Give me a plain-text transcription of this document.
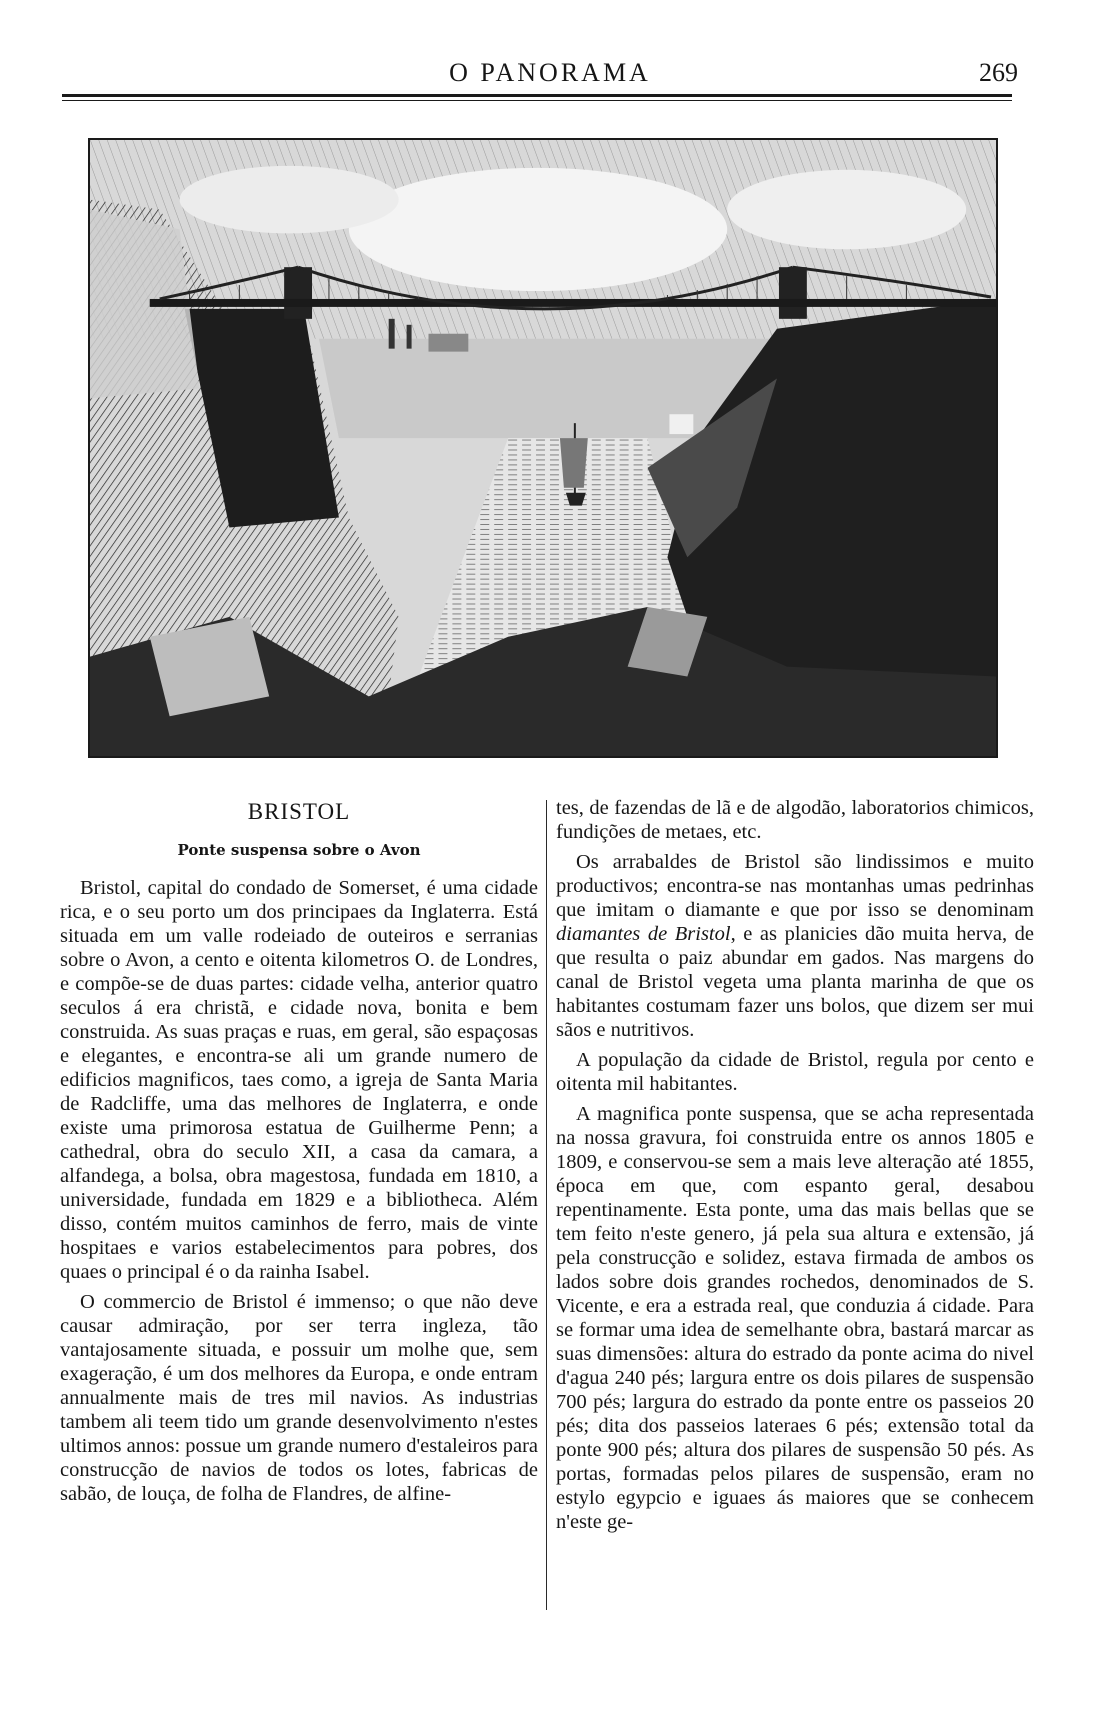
O PANORAMA	269
BRISTOL
Ponte suspensa sobre o Avon

Bristol, capital do condado de Somerset, é uma cidade rica, e o seu porto um dos principaes da Inglaterra. Está situada em um valle rodeiado de outeiros e serranias sobre o Avon, a cento e oitenta kilometros O. de Londres, e compõe-se de duas partes: cidade velha, anterior quatro seculos á era christã, e cidade nova, bonita e bem construida. As suas praças e ruas, em geral, são espaçosas e elegantes, e encontra-se ali um grande numero de edificios magnificos, taes como, a igreja de Santa Maria de Radcliffe, uma das melhores de Inglaterra, e onde existe uma primorosa estatua de Guilherme Penn; a cathedral, obra do seculo XII, a casa da camara, a alfandega, a bolsa, obra magestosa, fundada em 1810, a universidade, fundada em 1829 e a bibliotheca. Além disso, contém muitos caminhos de ferro, mais de vinte hospitaes e varios estabelecimentos para pobres, dos quaes o principal é o da rainha Isabel.

O commercio de Bristol é immenso; o que não deve causar admiração, por ser terra ingleza, tão vantajosamente situada, e possuir um molhe que, sem exageração, é um dos melhores da Europa, e onde entram annualmente mais de tres mil navios. As industrias tambem ali teem tido um grande desenvolvimento n'estes ultimos annos: possue um grande numero d'estaleiros para construcção de navios de todos os lotes, fabricas de sabão, de louça, de folha de Flandres, de alfine-

tes, de fazendas de lã e de algodão, laboratorios chimicos, fundições de metaes, etc.

Os arrabaldes de Bristol são lindissimos e muito productivos; encontra-se nas montanhas umas pedrinhas que imitam o diamante e que por isso se denominam diamantes de Bristol, e as planicies dão muita herva, de que resulta o paiz abundar em gados. Nas margens do canal de Bristol vegeta uma planta marinha de que os habitantes costumam fazer uns bolos, que dizem ser mui sãos e nutritivos.

A população da cidade de Bristol, regula por cento e oitenta mil habitantes.

A magnifica ponte suspensa, que se acha representada na nossa gravura, foi construida entre os annos 1805 e 1809, e conservou-se sem a mais leve alteração até 1855, época em que, com espanto geral, desabou repentinamente. Esta ponte, uma das mais bellas que se tem feito n'este genero, já pela sua altura e extensão, já pela construcção e solidez, estava firmada de ambos os lados sobre dois grandes rochedos, denominados de S. Vicente, e era a estrada real, que conduzia á cidade. Para se formar uma idea de semelhante obra, bastará marcar as suas dimensões: altura do estrado da ponte acima do nivel d'agua 240 pés; largura entre os dois pilares de suspensão 700 pés; largura do estrado da ponte entre os passeios 20 pés; dita dos passeios lateraes 6 pés; extensão total da ponte 900 pés; altura dos pilares de suspensão 50 pés. As portas, formadas pelos pilares de suspensão, eram no estylo egypcio e iguaes ás maiores que se conhecem n'este ge-
